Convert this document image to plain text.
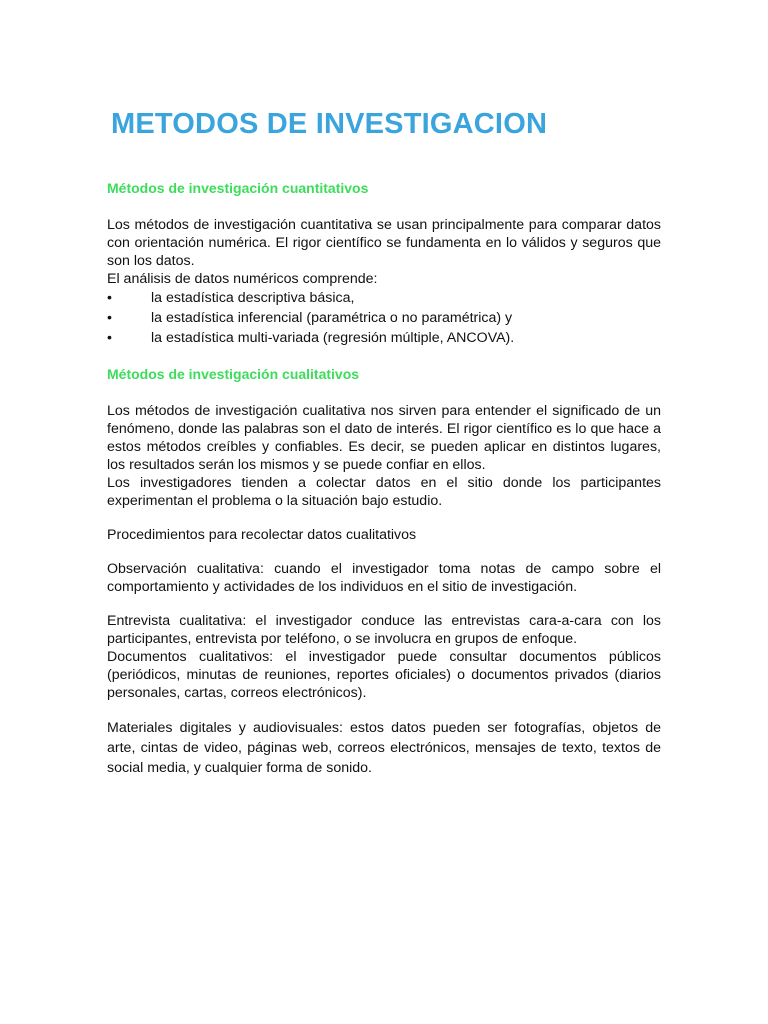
METODOS DE INVESTIGACION
Métodos de investigación cuantitativos

Los métodos de investigación cuantitativa se usan principalmente para comparar datos con orientación numérica. El rigor científico se fundamenta en lo válidos y seguros que son los datos.

El análisis de datos numéricos comprende:

•	la estadística descriptiva básica,
•	la estadística inferencial (paramétrica o no paramétrica) y
•	la estadística multi-variada (regresión múltiple, ANCOVA).
Métodos de investigación cualitativos

Los métodos de investigación cualitativa nos sirven para entender el significado de un fenómeno, donde las palabras son el dato de interés. El rigor científico es lo que hace a estos métodos creíbles y confiables. Es decir, se pueden aplicar en distintos lugares, los resultados serán los mismos y se puede confiar en ellos.

Los investigadores tienden a colectar datos en el sitio donde los participantes experimentan el problema o la situación bajo estudio.

Procedimientos para recolectar datos cualitativos

Observación cualitativa: cuando el investigador toma notas de campo sobre el comportamiento y actividades de los individuos en el sitio de investigación.

Entrevista cualitativa: el investigador conduce las entrevistas cara-a-cara con los participantes, entrevista por teléfono, o se involucra en grupos de enfoque.

Documentos cualitativos: el investigador puede consultar documentos públicos (periódicos, minutas de reuniones, reportes oficiales) o documentos privados (diarios personales, cartas, correos electrónicos).

Materiales digitales y audiovisuales: estos datos pueden ser fotografías, objetos de arte, cintas de video, páginas web, correos electrónicos, mensajes de texto, textos de social media, y cualquier forma de sonido.
